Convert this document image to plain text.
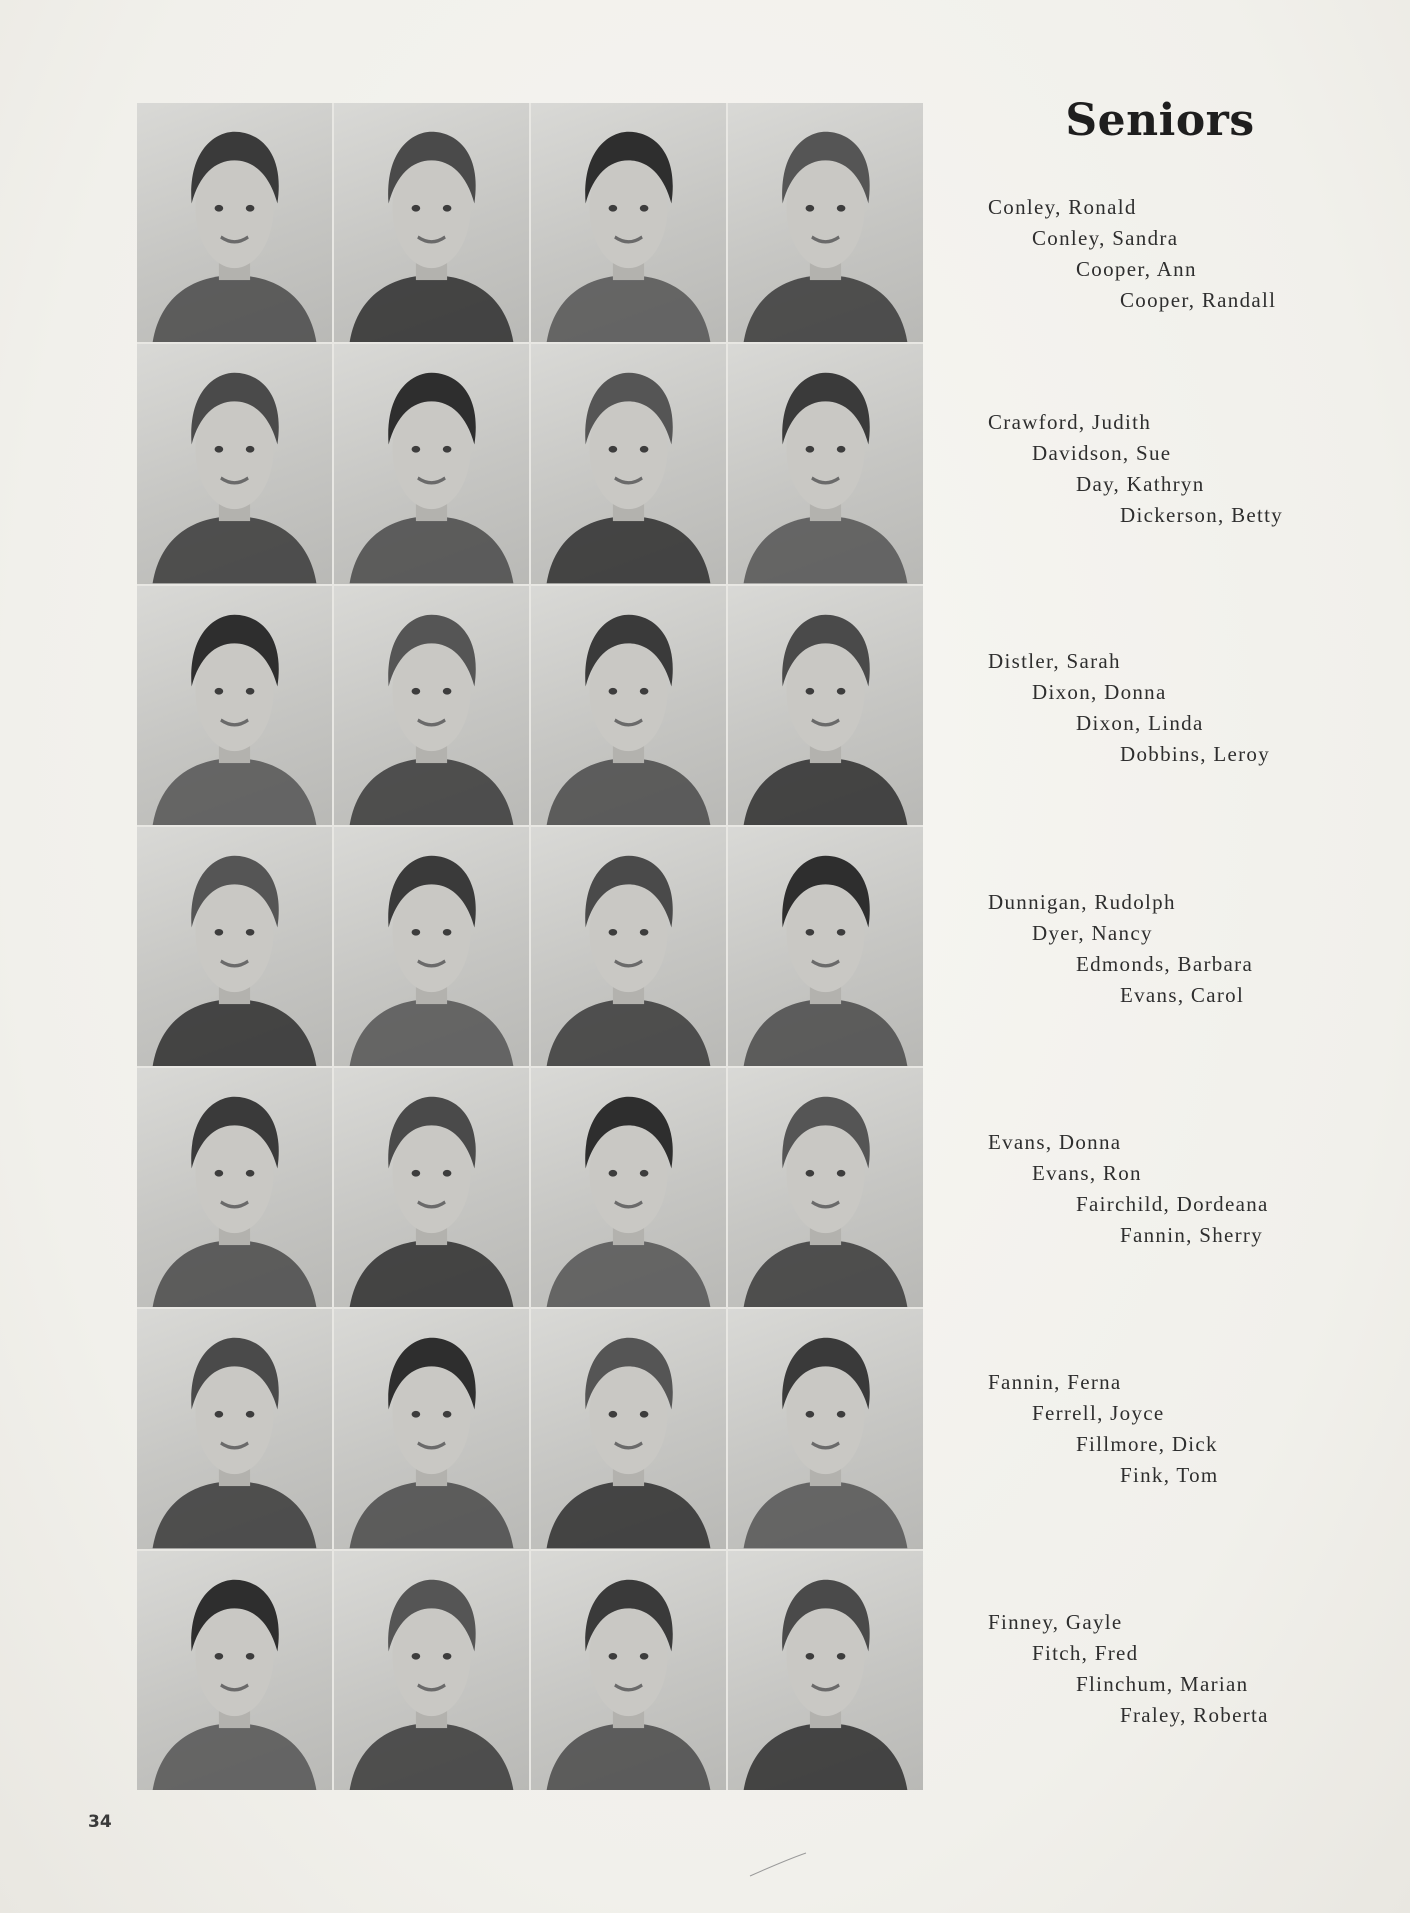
Seniors
Conley, Ronald
Conley, Sandra
Cooper, Ann
Cooper, Randall
Crawford, Judith
Davidson, Sue
Day, Kathryn
Dickerson, Betty
Distler, Sarah
Dixon, Donna
Dixon, Linda
Dobbins, Leroy
Dunnigan, Rudolph
Dyer, Nancy
Edmonds, Barbara
Evans, Carol
Evans, Donna
Evans, Ron
Fairchild, Dordeana
Fannin, Sherry
Fannin, Ferna
Ferrell, Joyce
Fillmore, Dick
Fink, Tom
Finney, Gayle
Fitch, Fred
Flinchum, Marian
Fraley, Roberta
34
